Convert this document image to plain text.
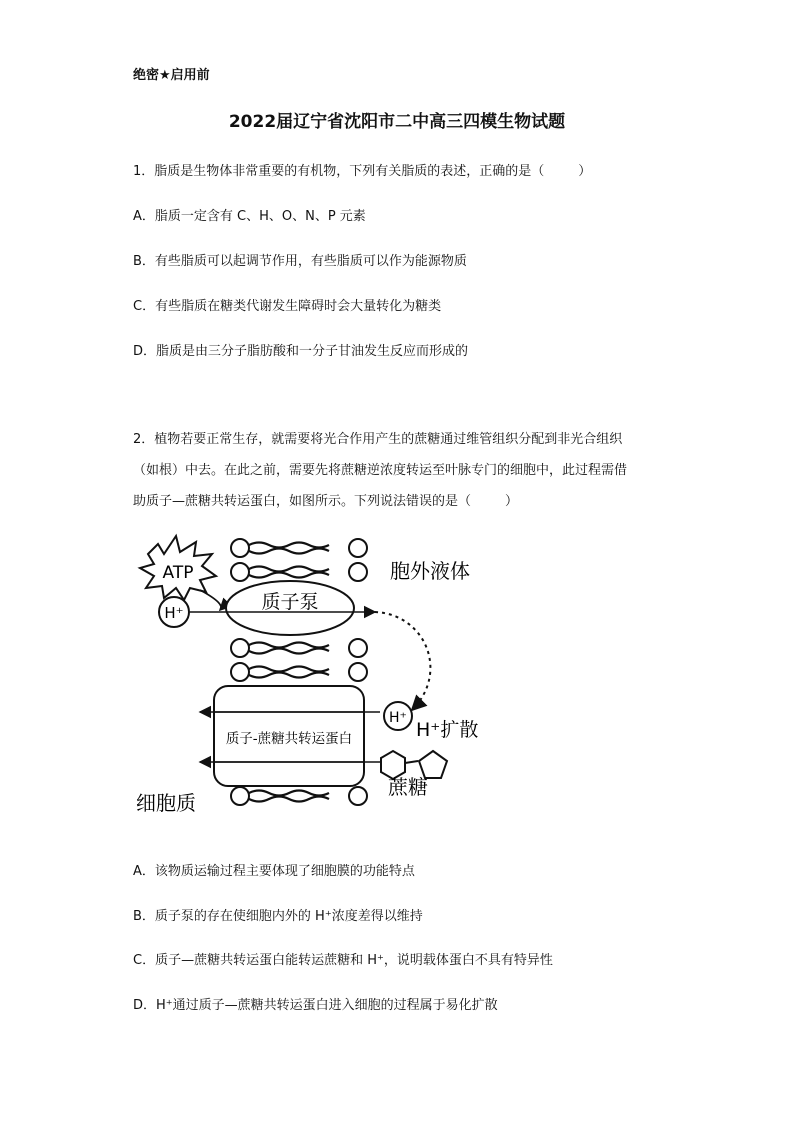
绝密★启用前
2022届辽宁省沈阳市二中高三四模生物试题
1．脂质是生物体非常重要的有机物，下列有关脂质的表述，正确的是（	）
A．脂质一定含有 C、H、O、N、P 元素
B．有些脂质可以起调节作用，有些脂质可以作为能源物质
C．有些脂质在糖类代谢发生障碍时会大量转化为糖类
D．脂质是由三分子脂肪酸和一分子甘油发生反应而形成的
2．植物若要正常生存，就需要将光合作用产生的蔗糖通过维管组织分配到非光合组织
（如根）中去。在此之前，需要先将蔗糖逆浓度转运至叶脉专门的细胞中，此过程需借
助质子—蔗糖共转运蛋白，如图所示。下列说法错误的是（	）
ATP
H⁺	质子泵
胞外液体
质子-蔗糖共转运蛋白
H⁺
H⁺扩散
蔗糖
细胞质
A．该物质运输过程主要体现了细胞膜的功能特点
B．质子泵的存在使细胞内外的 H⁺浓度差得以维持
C．质子—蔗糖共转运蛋白能转运蔗糖和 H⁺，说明载体蛋白不具有特异性
D．H⁺通过质子—蔗糖共转运蛋白进入细胞的过程属于易化扩散
